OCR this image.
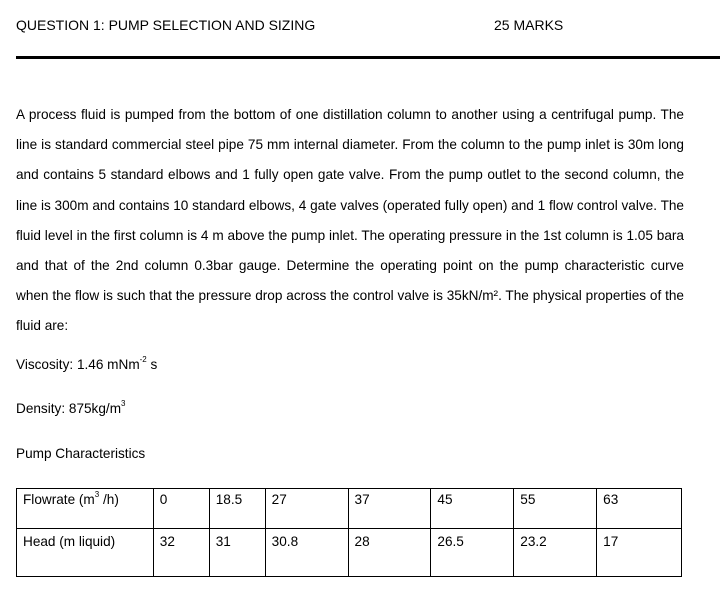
QUESTION 1: PUMP SELECTION AND SIZING	25 MARKS

A process fluid is pumped from the bottom of one distillation column to another using a centrifugal pump. The line is standard commercial steel pipe 75 mm internal diameter. From the column to the pump inlet is 30m long and contains 5 standard elbows and 1 fully open gate valve. From the pump outlet to the second column, the line is 300m and contains 10 standard elbows, 4 gate valves (operated fully open) and 1 flow control valve. The fluid level in the first column is 4 m above the pump inlet. The operating pressure in the 1st column is 1.05 bara and that of the 2nd column 0.3bar gauge. Determine the operating point on the pump characteristic curve when the flow is such that the pressure drop across the control valve is 35kN/m². The physical properties of the fluid are:

Viscosity: 1.46 mNm$^{-2}$ s
Density: $875kg/m^3$
Pump Characteristics
Flowrate ($m^3$ /h)	0	18.5	27	37	45	55	63
Head (m liquid)	32	31	30.8	28	26.5	23.2	17
